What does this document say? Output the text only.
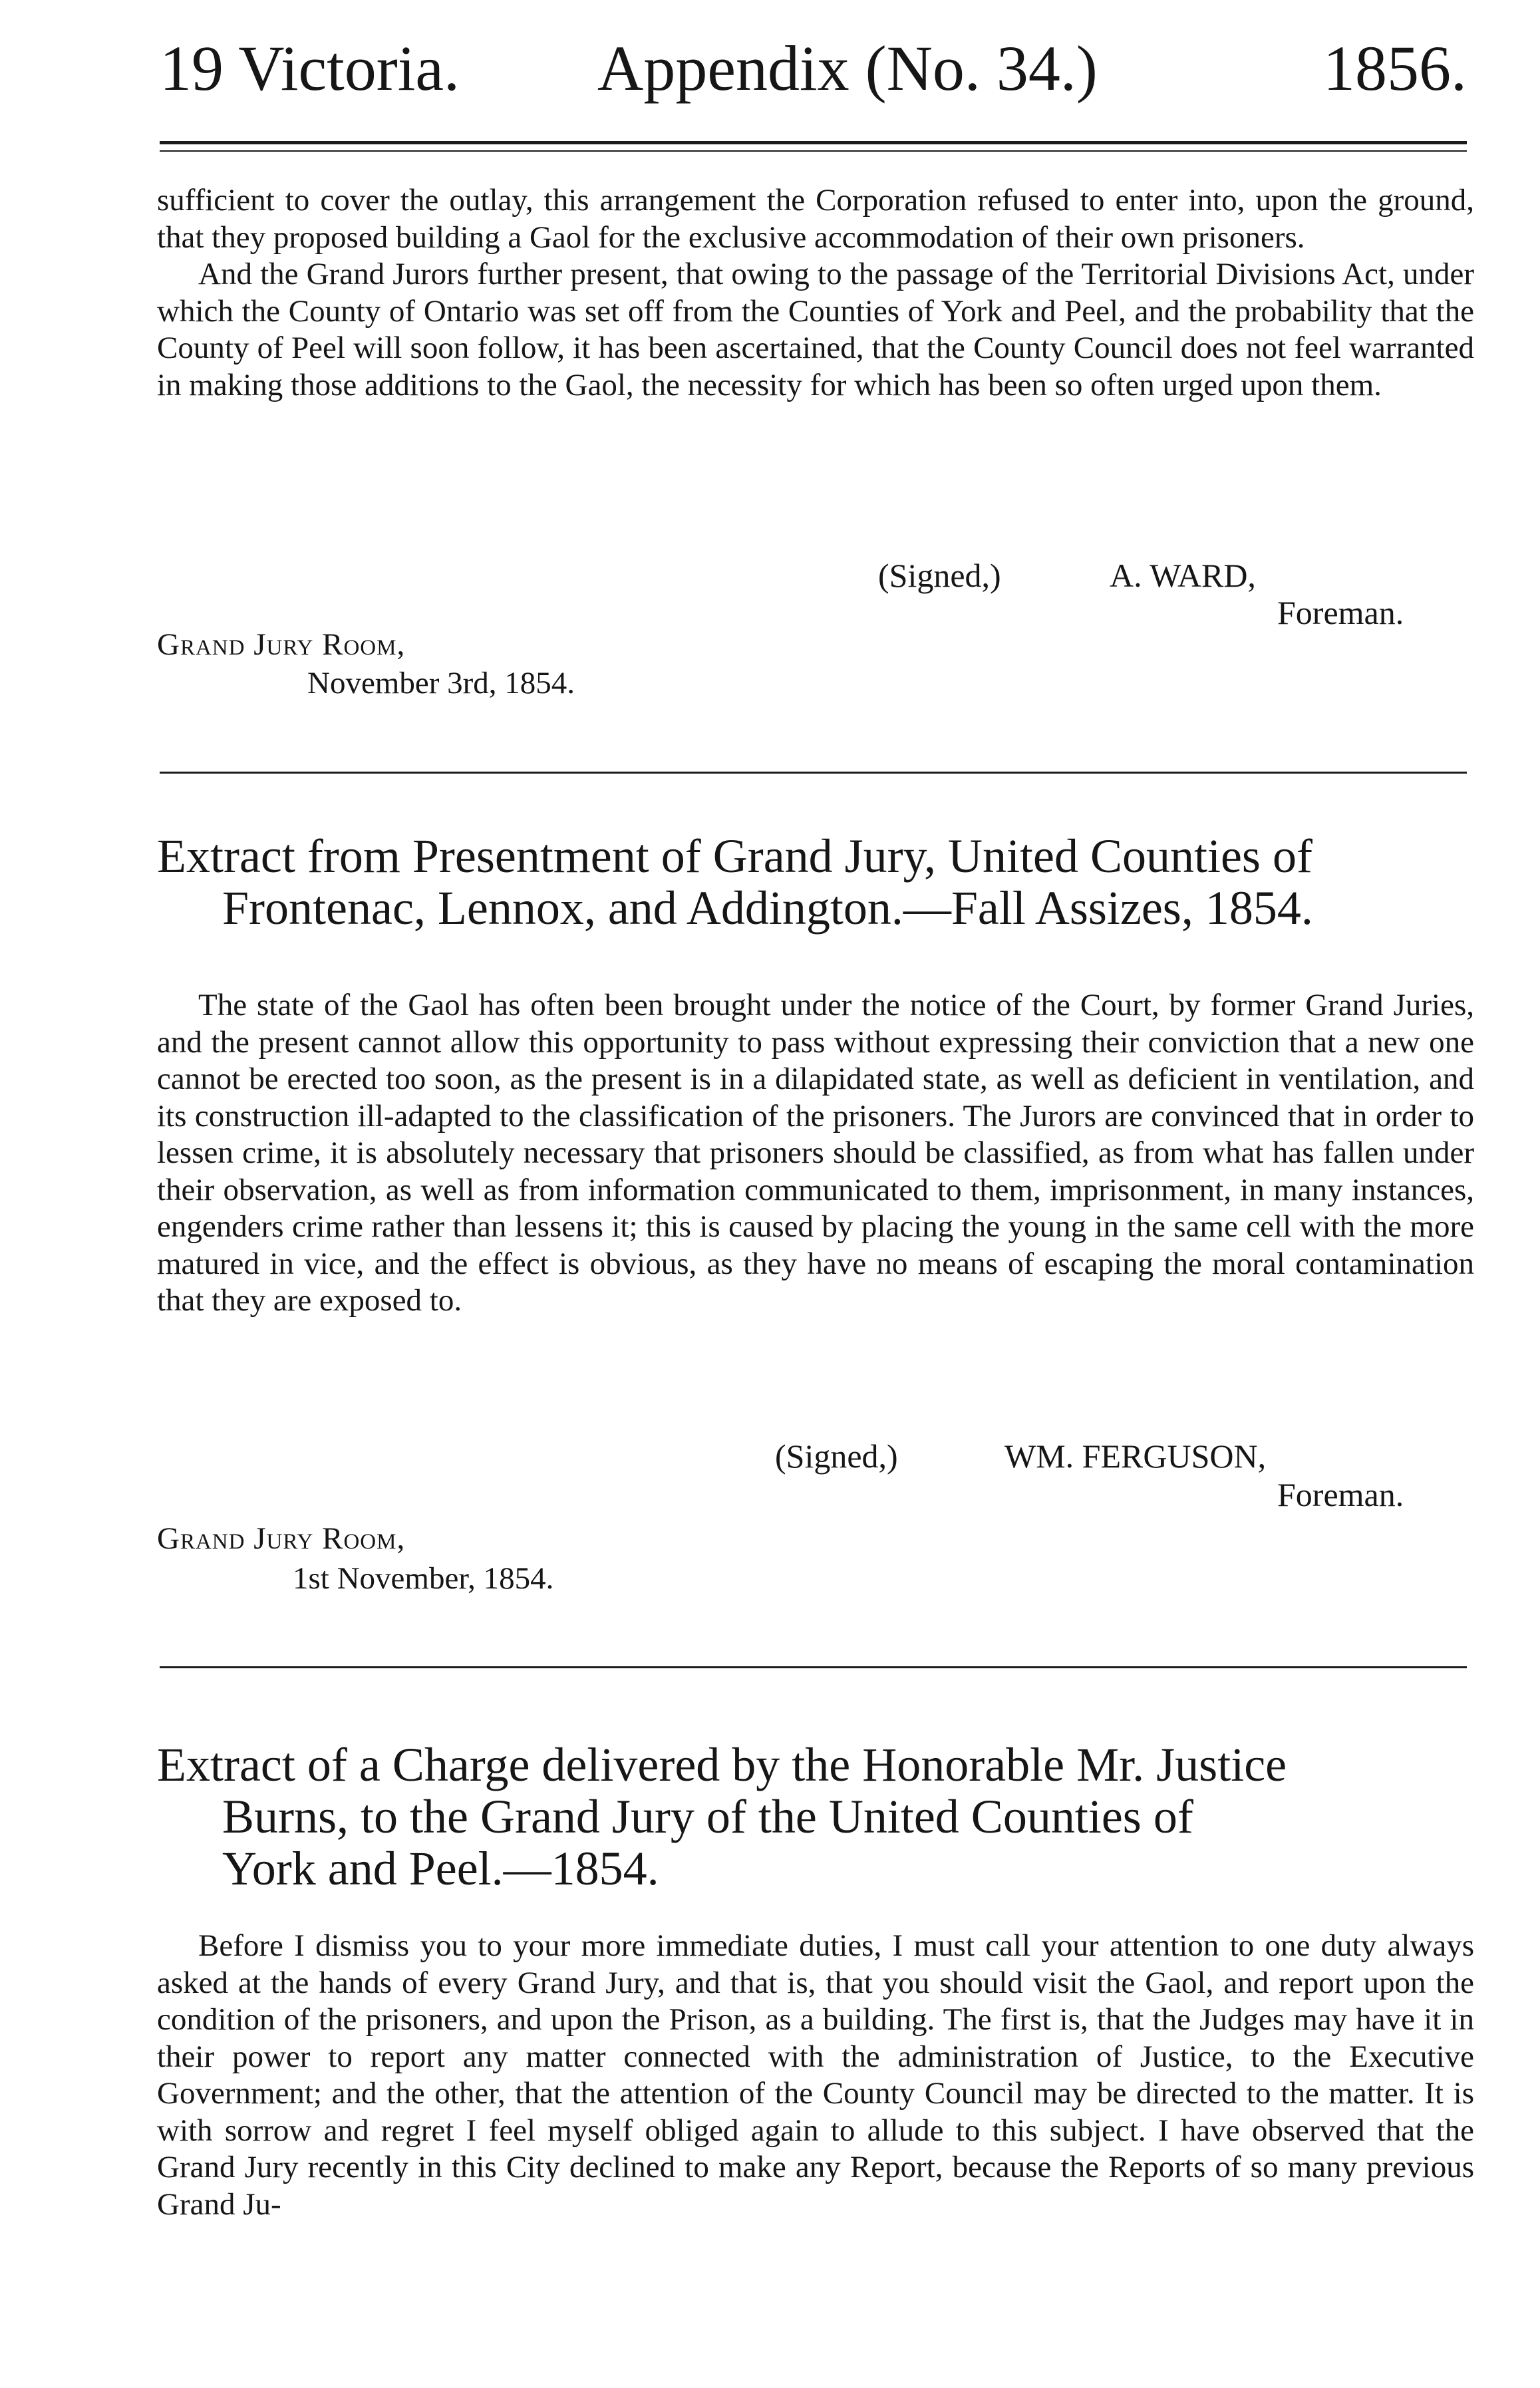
19 Victoria. Appendix (No. 34.)	1856.

sufficient to cover the outlay, this arrangement the Corporation refused to enter into, upon the ground, that they proposed building a Gaol for the exclusive accommodation of their own prisoners.

And the Grand Jurors further present, that owing to the passage of the Territorial Divisions Act, under which the County of Ontario was set off from the Counties of York and Peel, and the probability that the County of Peel will soon follow, it has been ascertained, that the County Council does not feel warranted in making those additions to the Gaol, the necessity for which has been so often urged upon them.

(Signed,)	A. WARD,
Foreman.
Grand Jury Room,
November 3rd, 1854.
Extract from Presentment of Grand Jury, United Counties of
Frontenac, Lennox, and Addington.—Fall Assizes, 1854.

The state of the Gaol has often been brought under the notice of the Court, by former Grand Juries, and the present cannot allow this opportunity to pass without expressing their conviction that a new one cannot be erected too soon, as the present is in a dilapidated state, as well as deficient in ventilation, and its construction ill-adapted to the classification of the prisoners. The Jurors are convinced that in order to lessen crime, it is absolutely necessary that prisoners should be classified, as from what has fallen under their observation, as well as from information communicated to them, imprisonment, in many instances, engenders crime rather than lessens it; this is caused by placing the young in the same cell with the more matured in vice, and the effect is obvious, as they have no means of escaping the moral contamination that they are exposed to.

(Signed,)	WM. FERGUSON,
Foreman.
Grand Jury Room,
1st November, 1854.
Extract of a Charge delivered by the Honorable Mr. Justice
Burns, to the Grand Jury of the United Counties of
York and Peel.—1854.

Before I dismiss you to your more immediate duties, I must call your attention to one duty always asked at the hands of every Grand Jury, and that is, that you should visit the Gaol, and report upon the condition of the prisoners, and upon the Prison, as a building. The first is, that the Judges may have it in their power to report any matter connected with the administration of Justice, to the Executive Government; and the other, that the attention of the County Council may be directed to the matter. It is with sorrow and regret I feel myself obliged again to allude to this subject. I have observed that the Grand Jury recently in this City declined to make any Report, because the Reports of so many previous Grand Ju-
